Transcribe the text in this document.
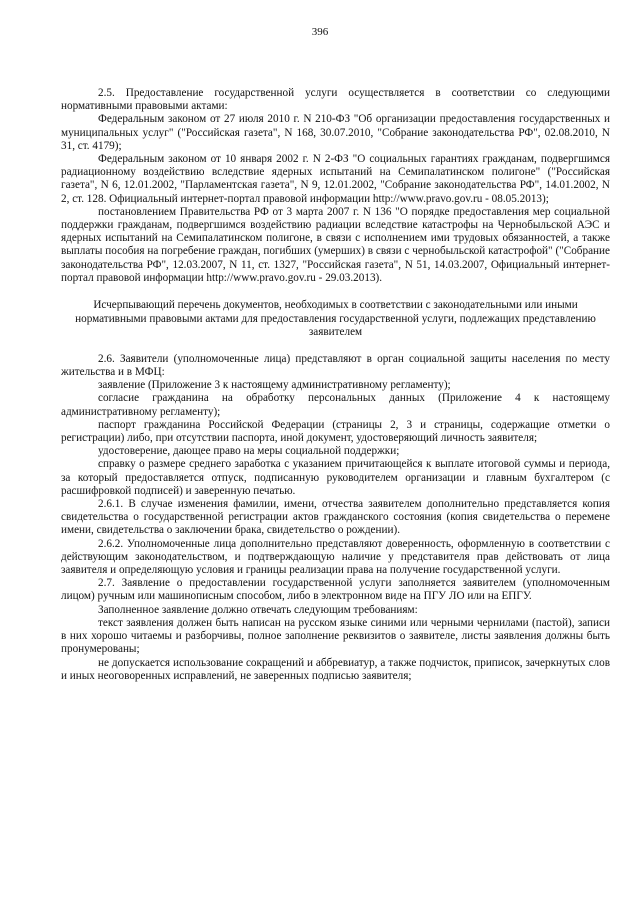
396

2.5. Предоставление государственной услуги осуществляется в соответствии со следующими нормативными правовыми актами:

Федеральным законом от 27 июля 2010 г. N 210-ФЗ "Об организации предоставления государственных и муниципальных услуг" ("Российская газета", N 168, 30.07.2010, "Собрание законодательства РФ", 02.08.2010, N 31, ст. 4179);

Федеральным законом от 10 января 2002 г. N 2-ФЗ "О социальных гарантиях гражданам, подвергшимся радиационному воздействию вследствие ядерных испытаний на Семипалатинском полигоне" ("Российская газета", N 6, 12.01.2002, "Парламентская газета", N 9, 12.01.2002, "Собрание законодательства РФ", 14.01.2002, N 2, ст. 128. Официальный интернет-портал правовой информации http://www.pravo.gov.ru - 08.05.2013);

постановлением Правительства РФ от 3 марта 2007 г. N 136 "О порядке предоставления мер социальной поддержки гражданам, подвергшимся воздействию радиации вследствие катастрофы на Чернобыльской АЭС и ядерных испытаний на Семипалатинском полигоне, в связи с исполнением ими трудовых обязанностей, а также выплаты пособия на погребение граждан, погибших (умерших) в связи с чернобыльской катастрофой" ("Собрание законодательства РФ", 12.03.2007, N 11, ст. 1327, "Российская газета", N 51, 14.03.2007, Официальный интернет-портал правовой информации http://www.pravo.gov.ru - 29.03.2013).

Исчерпывающий перечень документов, необходимых в соответствии с законодательными или иными нормативными правовыми актами для предоставления государственной услуги, подлежащих представлению заявителем

2.6. Заявители (уполномоченные лица) представляют в орган социальной защиты населения по месту жительства и в МФЦ:

заявление (Приложение 3 к настоящему административному регламенту);

согласие гражданина на обработку персональных данных (Приложение 4 к настоящему административному регламенту);

паспорт гражданина Российской Федерации (страницы 2, 3 и страницы, содержащие отметки о регистрации) либо, при отсутствии паспорта, иной документ, удостоверяющий личность заявителя;

удостоверение, дающее право на меры социальной поддержки;

справку о размере среднего заработка с указанием причитающейся к выплате итоговой суммы и периода, за который предоставляется отпуск, подписанную руководителем организации и главным бухгалтером (с расшифровкой подписей) и заверенную печатью.

2.6.1. В случае изменения фамилии, имени, отчества заявителем дополнительно представляется копия свидетельства о государственной регистрации актов гражданского состояния (копия свидетельства о перемене имени, свидетельства о заключении брака, свидетельство о рождении).

2.6.2. Уполномоченные лица дополнительно представляют доверенность, оформленную в соответствии с действующим законодательством, и подтверждающую наличие у представителя прав действовать от лица заявителя и определяющую условия и границы реализации права на получение государственной услуги.

2.7. Заявление о предоставлении государственной услуги заполняется заявителем (уполномоченным лицом) ручным или машинописным способом, либо в электронном виде на ПГУ ЛО или на ЕПГУ.

Заполненное заявление должно отвечать следующим требованиям:

текст заявления должен быть написан на русском языке синими или черными чернилами (пастой), записи в них хорошо читаемы и разборчивы, полное заполнение реквизитов о заявителе, листы заявления должны быть пронумерованы;

не допускается использование сокращений и аббревиатур, а также подчисток, приписок, зачеркнутых слов и иных неоговоренных исправлений, не заверенных подписью заявителя;
